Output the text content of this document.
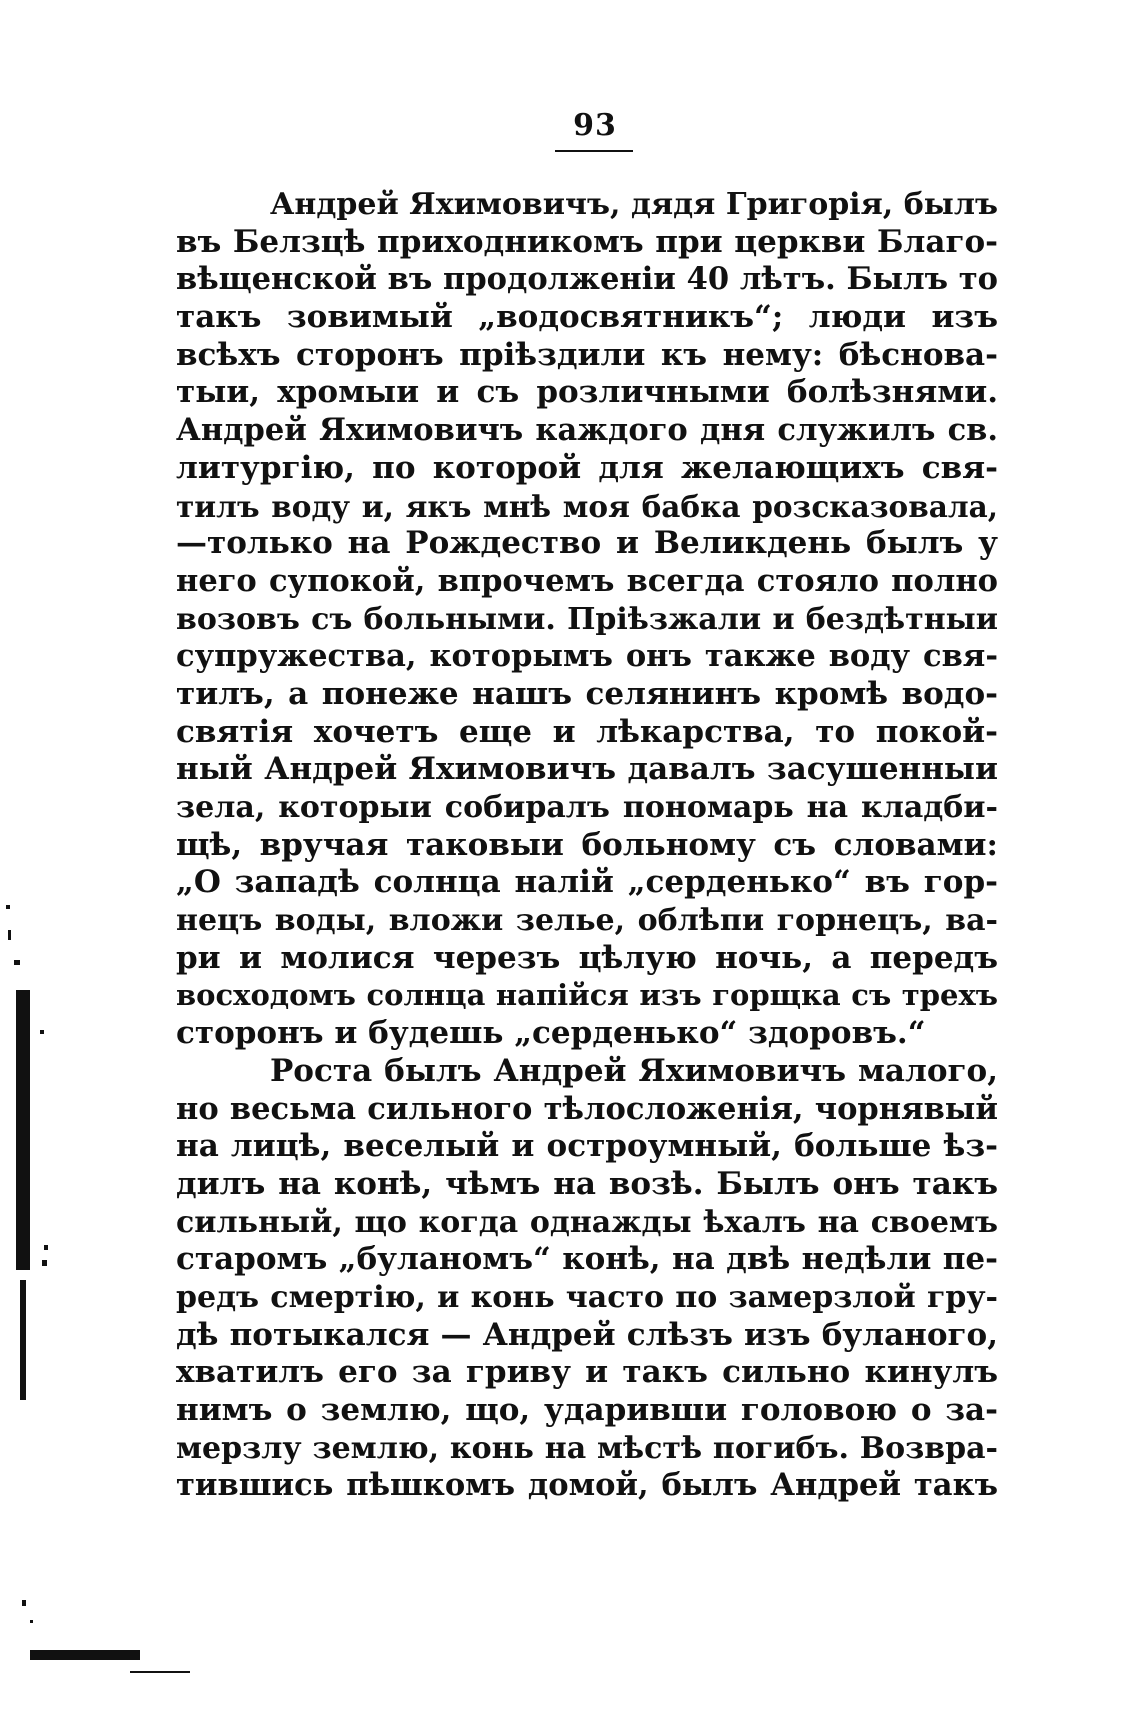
93
Андрей Яхимовичъ, дядя Григорія, былъ
въ Белзцѣ приходникомъ при церкви Благо-
вѣщенской въ продолженіи 40 лѣтъ. Былъ то
такъ зовимый „водосвятникъ“; люди изъ
всѣхъ сторонъ пріѣздили къ нему: бѣснова-
тыи, хромыи и съ розличными болѣзнями.
Андрей Яхимовичъ каждого дня служилъ св.
литургію, по которой для желающихъ свя-
тилъ воду и, якъ мнѣ моя бабка розсказовала,
—только на Рождество и Великдень былъ у
него супокой, впрочемъ всегда стояло полно
возовъ съ больными. Пріѣзжали и бездѣтныи
супружества, которымъ онъ также воду свя-
тилъ, а понеже нашъ селянинъ кромѣ водо-
святія хочетъ еще и лѣкарства, то покой-
ный Андрей Яхимовичъ давалъ засушенныи
зела, которыи собиралъ пономарь на кладби-
щѣ, вручая таковыи больному съ словами:
„О западѣ солнца налій „серденько“ въ гор-
нецъ воды, вложи зелье, облѣпи горнецъ, ва-
ри и молися черезъ цѣлую ночь, а передъ
восходомъ солнца напійся изъ горщка съ трехъ
сторонъ и будешь „серденько“ здоровъ.“
Роста былъ Андрей Яхимовичъ малого,
но весьма сильного тѣлосложенія, чорнявый
на лицѣ, веселый и остроумный, больше ѣз-
дилъ на конѣ, чѣмъ на возѣ. Былъ онъ такъ
сильный, що когда однажды ѣхалъ на своемъ
старомъ „буланомъ“ конѣ, на двѣ недѣли пе-
редъ смертію, и конь часто по замерзлой гру-
дѣ потыкался — Андрей слѣзъ изъ буланого,
хватилъ его за гриву и такъ сильно кинулъ
нимъ о землю, що, ударивши головою о за-
мерзлу землю, конь на мѣстѣ погибъ. Возвра-
тившись пѣшкомъ домой, былъ Андрей такъ
